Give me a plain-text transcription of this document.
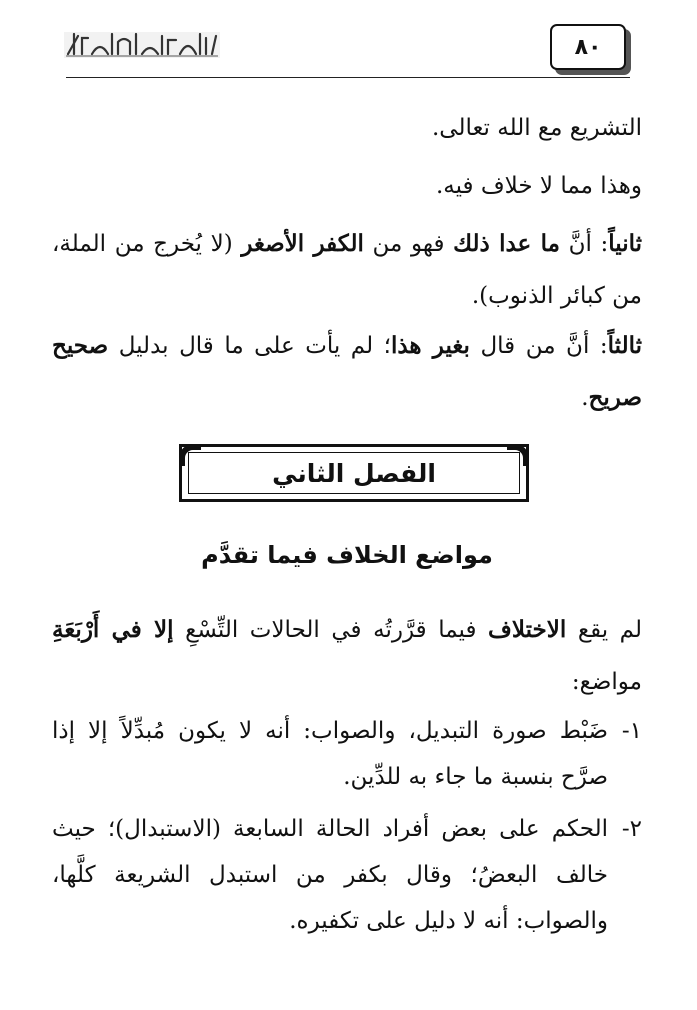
٨٠
التشريع مع الله تعالى.
وهذا مما لا خلاف فيه.
ثانياً: أنَّ ما عدا ذلك فهو من الكفر الأصغر (لا يُخرج من الملة، من كبائر الذنوب).
ثالثاً: أنَّ من قال بغير هذا؛ لم يأت على ما قال بدليل صحيح صريح.
الفصل الثاني
مواضع الخلاف فيما تقدَّم
لم يقع الاختلاف فيما قرَّرتُه في الحالات التِّسْعِ إلا في أَرْبَعَةِ مواضع:
١-
ضَبْط صورة التبديل، والصواب: أنه لا يكون مُبدِّلاً إلا إذا صرَّح بنسبة ما جاء به للدِّين.
٢-
الحكم على بعض أفراد الحالة السابعة (الاستبدال)؛ حيث خالف البعضُ؛ وقال بكفر من استبدل الشريعة كلَّها، والصواب: أنه لا دليل على تكفيره.
